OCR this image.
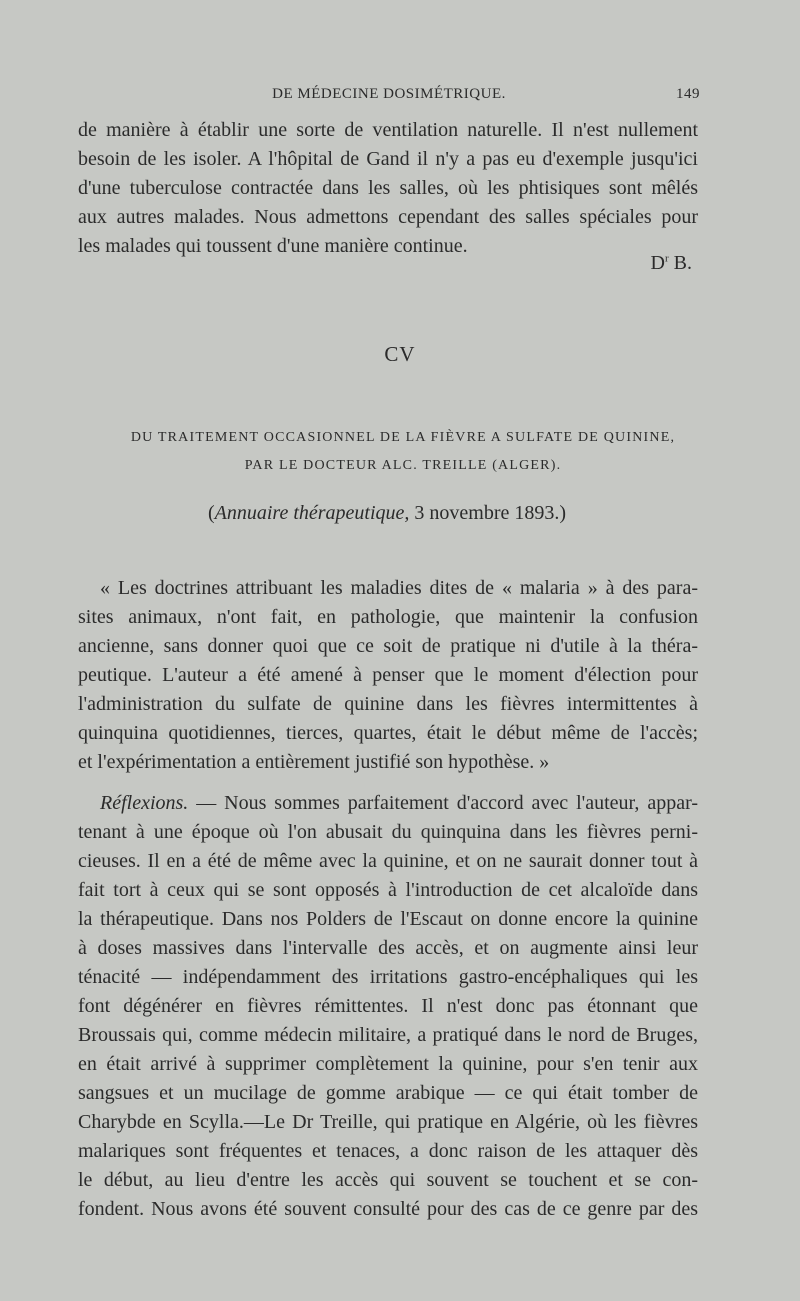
DE MÉDECINE DOSIMÉTRIQUE.	149
de manière à établir une sorte de ventilation naturelle. Il n'est nullement
besoin de les isoler. A l'hôpital de Gand il n'y a pas eu d'exemple jusqu'ici
d'une tuberculose contractée dans les salles, où les phtisiques sont mêlés
aux autres malades. Nous admettons cependant des salles spéciales pour
les malades qui toussent d'une manière continue.
$D^r$ B.
CV
DU TRAITEMENT OCCASIONNEL DE LA FIÈVRE A SULFATE DE QUININE,
PAR LE DOCTEUR ALC. TREILLE (ALGER).
(Annuaire thérapeutique, 3 novembre 1893.)
« Les doctrines attribuant les maladies dites de « malaria » à des para-
sites animaux, n'ont fait, en pathologie, que maintenir la confusion
ancienne, sans donner quoi que ce soit de pratique ni d'utile à la théra-
peutique. L'auteur a été amené à penser que le moment d'élection pour
l'administration du sulfate de quinine dans les fièvres intermittentes à
quinquina quotidiennes, tierces, quartes, était le début même de l'accès;
et l'expérimentation a entièrement justifié son hypothèse. »
Réflexions. — Nous sommes parfaitement d'accord avec l'auteur, appar-
tenant à une époque où l'on abusait du quinquina dans les fièvres perni-
cieuses. Il en a été de même avec la quinine, et on ne saurait donner tout à
fait tort à ceux qui se sont opposés à l'introduction de cet alcaloïde dans
la thérapeutique. Dans nos Polders de l'Escaut on donne encore la quinine
à doses massives dans l'intervalle des accès, et on augmente ainsi leur
ténacité — indépendamment des irritations gastro-encéphaliques qui les
font dégénérer en fièvres rémittentes. Il n'est donc pas étonnant que
Broussais qui, comme médecin militaire, a pratiqué dans le nord de Bruges,
en était arrivé à supprimer complètement la quinine, pour s'en tenir aux
sangsues et un mucilage de gomme arabique — ce qui était tomber de
Charybde en Scylla.—Le Dr Treille, qui pratique en Algérie, où les fièvres
malariques sont fréquentes et tenaces, a donc raison de les attaquer dès
le début, au lieu d'entre les accès qui souvent se touchent et se con-
fondent. Nous avons été souvent consulté pour des cas de ce genre par des
